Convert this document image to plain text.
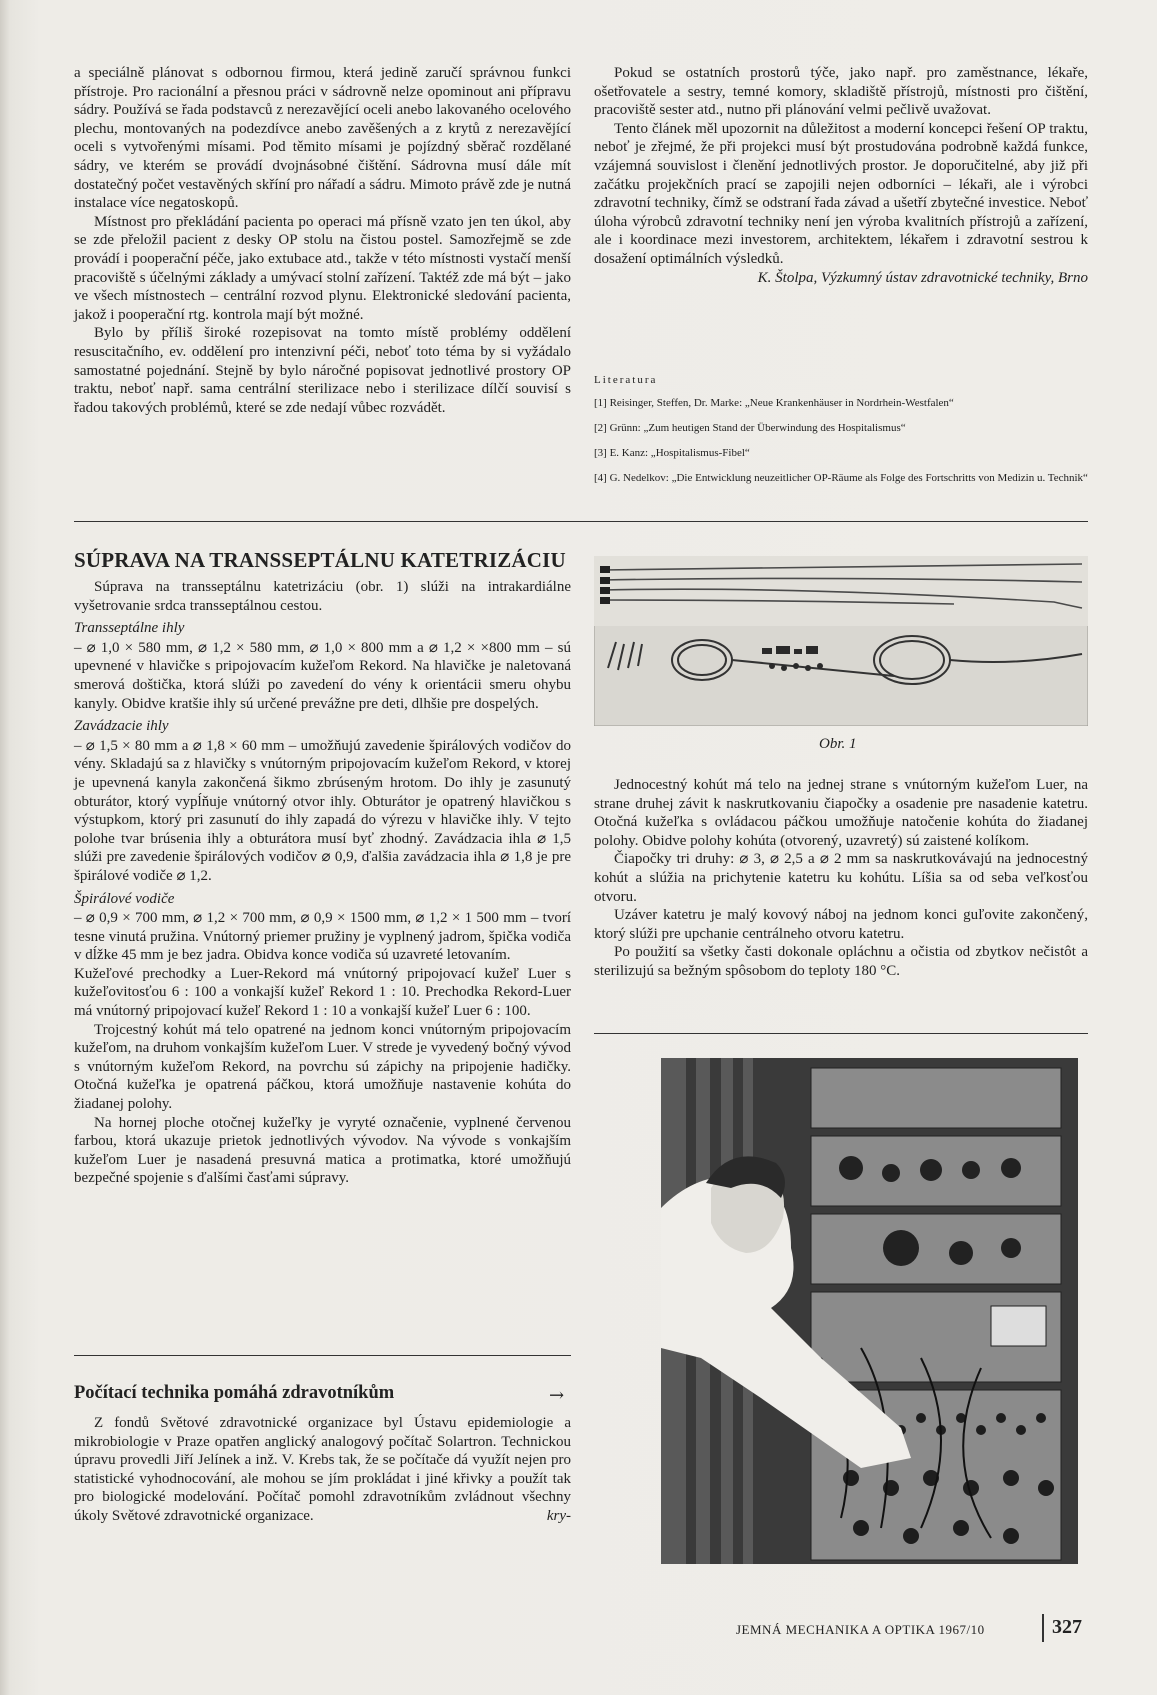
a speciálně plánovat s odbornou firmou, která jedině zaručí správnou funkci přístroje. Pro racionální a přesnou práci v sádrovně nelze opominout ani přípravu sádry. Používá se řada podstavců z nerezavějící oceli anebo lakovaného ocelového plechu, montovaných na podezdívce anebo zavěšených a z krytů z nerezavějící oceli s vytvořenými mísami. Pod těmito mísami je pojízdný sběrač rozdělané sádry, ve kterém se provádí dvojnásobné čištění. Sádrovna musí dále mít dostatečný počet vestavěných skříní pro nářadí a sádru. Mimoto právě zde je nutná instalace více negatoskopů.

Místnost pro překládání pacienta po operaci má přísně vzato jen ten úkol, aby se zde přeložil pacient z desky OP stolu na čistou postel. Samozřejmě se zde provádí i pooperační péče, jako extubace atd., takže v této místnosti vystačí menší pracoviště s účelnými základy a umývací stolní zařízení. Taktéž zde má být – jako ve všech místnostech – centrální rozvod plynu. Elektronické sledování pacienta, jakož i pooperační rtg. kontrola mají být možné.

Bylo by příliš široké rozepisovat na tomto místě problémy oddělení resuscitačního, ev. oddělení pro intenzivní péči, neboť toto téma by si vyžádalo samostatné pojednání. Stejně by bylo náročné popisovat jednotlivé prostory OP traktu, neboť např. sama centrální sterilizace nebo i sterilizace dílčí souvisí s řadou takových problémů, které se zde nedají vůbec rozvádět.

Pokud se ostatních prostorů týče, jako např. pro zaměstnance, lékaře, ošetřovatele a sestry, temné komory, skladiště přístrojů, místnosti pro čištění, pracoviště sester atd., nutno při plánování velmi pečlivě uvažovat.

Tento článek měl upozornit na důležitost a moderní koncepci řešení OP traktu, neboť je zřejmé, že při projekci musí být prostudována podrobně každá funkce, vzájemná souvislost i členění jednotlivých prostor. Je doporučitelné, aby již při začátku projekčních prací se zapojili nejen odborníci – lékaři, ale i výrobci zdravotní techniky, čímž se odstraní řada závad a ušetří zbytečné investice. Neboť úloha výrobců zdravotní techniky není jen výroba kvalitních přístrojů a zařízení, ale i koordinace mezi investorem, architektem, lékařem i zdravotní sestrou k dosažení optimálních výsledků.

K. Štolpa, Výzkumný ústav zdravotnické techniky, Brno

Literatura
[1] Reisinger, Steffen, Dr. Marke: „Neue Krankenhäuser in Nordrhein-Westfalen“
[2] Grünn: „Zum heutigen Stand der Überwindung des Hospitalismus“
[3] E. Kanz: „Hospitalismus-Fibel“
[4] G. Nedelkov: „Die Entwicklung neuzeitlicher OP-Räume als Folge des Fortschritts von Medizin u. Technik“
SÚPRAVA NA TRANSSEPTÁLNU KATETRIZÁCIU

Súprava na transseptálnu katetrizáciu (obr. 1) slúži na intrakardiálne vyšetrovanie srdca transseptálnou cestou.

Transseptálne ihly

– ⌀ 1,0 × 580 mm, ⌀ 1,2 × 580 mm, ⌀ 1,0 × 800 mm a ⌀ 1,2 × ×800 mm – sú upevnené v hlavičke s pripojovacím kužeľom Rekord. Na hlavičke je naletovaná smerová doštička, ktorá slúži po zavedení do vény k orientácii smeru ohybu kanyly. Obidve kratšie ihly sú určené prevážne pre deti, dlhšie pre dospelých.

Zavádzacie ihly

– ⌀ 1,5 × 80 mm a ⌀ 1,8 × 60 mm – umožňujú zavedenie špirálových vodičov do vény. Skladajú sa z hlavičky s vnútorným pripojovacím kužeľom Rekord, v ktorej je upevnená kanyla zakončená šikmo zbrúseným hrotom. Do ihly je zasunutý obturátor, ktorý vypĺňuje vnútorný otvor ihly. Obturátor je opatrený hlavičkou s výstupkom, ktorý pri zasunutí do ihly zapadá do výrezu v hlavičke ihly. V tejto polohe tvar brúsenia ihly a obturátora musí byť zhodný. Zavádzacia ihla ⌀ 1,5 slúži pre zavedenie špirálových vodičov ⌀ 0,9, ďalšia zavádzacia ihla ⌀ 1,8 je pre špirálové vodiče ⌀ 1,2.

Špirálové vodiče

– ⌀ 0,9 × 700 mm, ⌀ 1,2 × 700 mm, ⌀ 0,9 × 1500 mm, ⌀ 1,2 × 1 500 mm – tvorí tesne vinutá pružina. Vnútorný priemer pružiny je vyplnený jadrom, špička vodiča v dĺžke 45 mm je bez jadra. Obidva konce vodiča sú uzavreté letovaním.

Kužeľové prechodky a Luer-Rekord má vnútorný pripojovací kužeľ Luer s kužeľovitosťou 6 : 100 a vonkajší kužeľ Rekord 1 : 10. Prechodka Rekord-Luer má vnútorný pripojovací kužeľ Rekord 1 : 10 a vonkajší kužeľ Luer 6 : 100.

Trojcestný kohút má telo opatrené na jednom konci vnútorným pripojovacím kužeľom, na druhom vonkajším kužeľom Luer. V strede je vyvedený bočný vývod s vnútorným kužeľom Rekord, na povrchu sú zápichy na pripojenie hadičky. Otočná kužeľka je opatrená páčkou, ktorá umožňuje nastavenie kohúta do žiadanej polohy.

Na hornej ploche otočnej kužeľky je vyryté označenie, vyplnené červenou farbou, ktorá ukazuje prietok jednotlivých vývodov. Na vývode s vonkajším kužeľom Luer je nasadená presuvná matica a protimatka, ktoré umožňujú bezpečné spojenie s ďalšími časťami súpravy.

Obr. 1

Jednocestný kohút má telo na jednej strane s vnútorným kužeľom Luer, na strane druhej závit k naskrutkovaniu čiapočky a osadenie pre nasadenie katetru. Otočná kužeľka s ovládacou páčkou umožňuje natočenie kohúta do žiadanej polohy. Obidve polohy kohúta (otvorený, uzavretý) sú zaistené kolíkom.

Čiapočky tri druhy: ⌀ 3, ⌀ 2,5 a ⌀ 2 mm sa naskrutkovávajú na jednocestný kohút a slúžia na prichytenie katetru ku kohútu. Líšia sa od seba veľkosťou otvoru.

Uzáver katetru je malý kovový náboj na jednom konci guľovite zakončený, ktorý slúži pre upchanie centrálneho otvoru katetru.

Po použití sa všetky časti dokonale opláchnu a očistia od zbytkov nečistôt a sterilizujú sa bežným spôsobom do teploty 180 °C.

Počítací technika pomáhá zdravotníkům	→

Z fondů Světové zdravotnické organizace byl Ústavu epidemiologie a mikrobiologie v Praze opatřen anglický analogový počítač Solartron. Technickou úpravu provedli Jiří Jelínek a inž. V. Krebs tak, že se počítače dá využít nejen pro statistické vyhodnocování, ale mohou se jím prokládat i jiné křivky a použít tak pro biologické modelování. Počítač pomohl zdravotníkům zvládnout všechny úkoly Světové zdravotnické organizace.	kry-

JEMNÁ MECHANIKA A OPTIKA 1967/10	327
